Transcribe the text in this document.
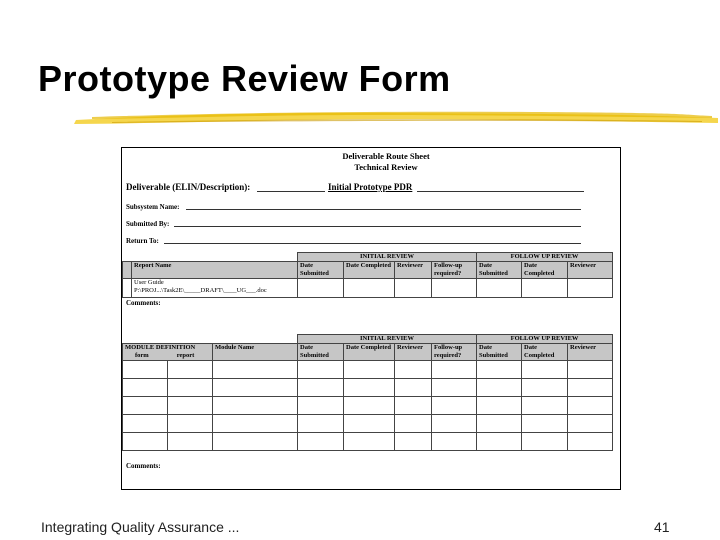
Prototype Review Form
Deliverable Route Sheet
Technical Review
Deliverable (ELIN/Description):	Initial Prototype PDR
Subsystem Name:
Submitted By:
Return To:
		INITIAL REVIEW				FOLLOW UP REVIEW		
	Report Name	Date Submitted	Date Completed	Reviewer	Follow-up required?	Date Submitted	Date Completed	Reviewer

	User Guide
P:\PROJ...\Task2E\_____DRAFT\____UG___.doc							

Comments:
			INITIAL REVIEW				FOLLOW UP REVIEW		

MODULE DEFINITION
form report		Module Name	Date Submitted	Date Completed	Reviewer	Follow-up required?	Date Submitted	Date Completed	Reviewer

Comments:
Integrating Quality Assurance ...	41
